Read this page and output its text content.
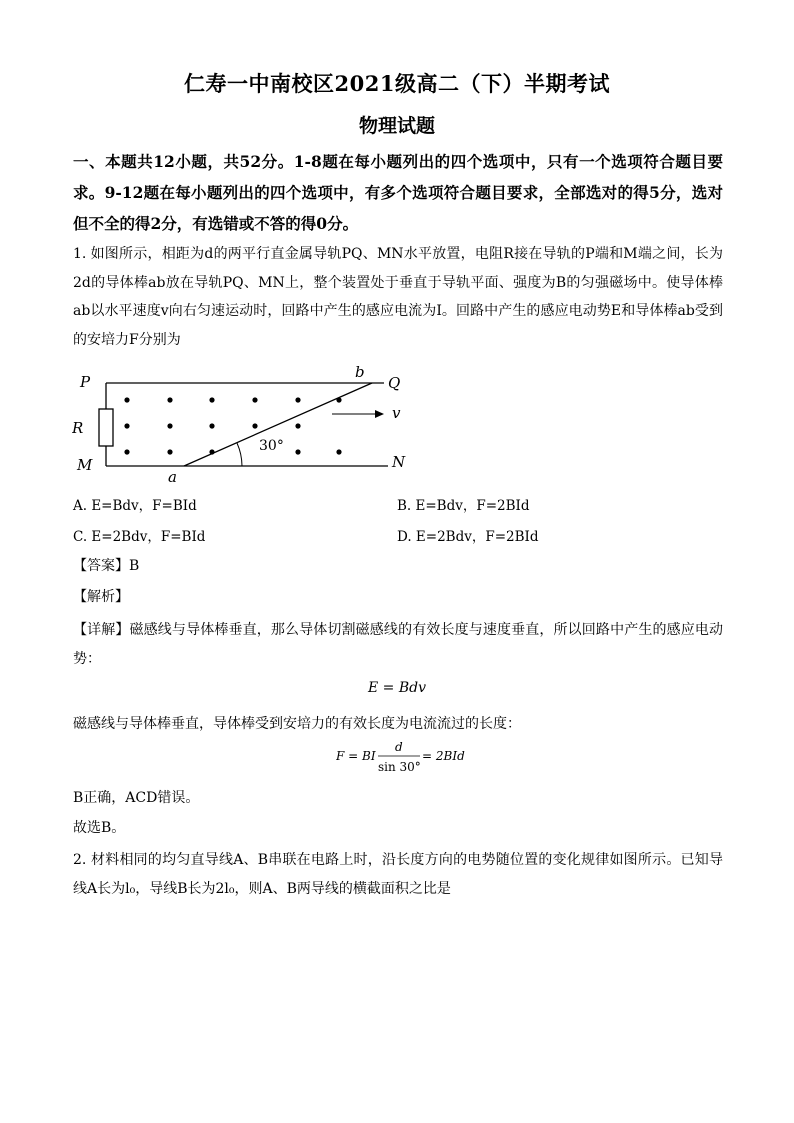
仁寿一中南校区2021级高二（下）半期考试
物理试题
一、本题共12小题，共52分。1-8题在每小题列出的四个选项中，只有一个选项符合题目要求。9-12题在每小题列出的四个选项中，有多个选项符合题目要求，全部选对的得5分，选对但不全的得2分，有选错或不答的得0分。
1. 如图所示，相距为d的两平行直金属导轨PQ、MN水平放置，电阻R接在导轨的P端和M端之间，长为2d的导体棒ab放在导轨PQ、MN上，整个装置处于垂直于导轨平面、强度为B的匀强磁场中。使导体棒ab以水平速度v向右匀速运动时，回路中产生的感应电流为I。回路中产生的感应电动势E和导体棒ab受到的安培力F分别为
P	Q
R
M	N
a
b
v
30°
A. E=Bdv，F=BId	B. E=Bdv，F=2BId
C. E=2Bdv，F=BId	D. E=2Bdv，F=2BId
【答案】B
【解析】
【详解】磁感线与导体棒垂直，那么导体切割磁感线的有效长度与速度垂直，所以回路中产生的感应电动势：
E = Bdv
磁感线与导体棒垂直，导体棒受到安培力的有效长度为电流流过的长度：
F = BI
d
sin 30°
= 2BId
B正确，ACD错误。
故选B。
2. 材料相同的均匀直导线A、B串联在电路上时，沿长度方向的电势随位置的变化规律如图所示。已知导线A长为l₀，导线B长为2l₀，则A、B两导线的横截面积之比是
